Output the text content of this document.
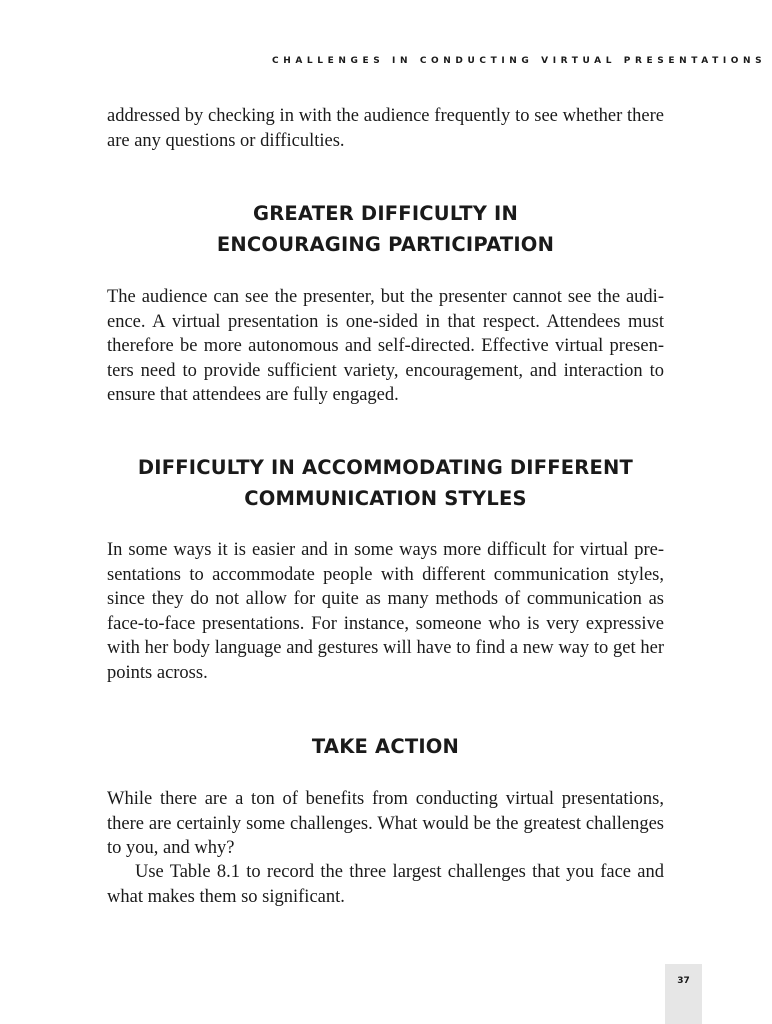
CHALLENGES IN CONDUCTING VIRTUAL PRESENTATIONS

addressed by checking in with the audience frequently to see whether there are any questions or difficulties.

GREATER DIFFICULTY IN
ENCOURAGING PARTICIPATION

The audience can see the presenter, but the presenter cannot see the audience. A virtual presentation is one-sided in that respect. Attendees must therefore be more autonomous and self-directed. Effective virtual presenters need to provide sufficient variety, encouragement, and interaction to ensure that attendees are fully engaged.

DIFFICULTY IN ACCOMMODATING DIFFERENT
COMMUNICATION STYLES

In some ways it is easier and in some ways more difficult for virtual presentations to accommodate people with different communication styles, since they do not allow for quite as many methods of communication as face-to-face presentations. For instance, someone who is very expressive with her body language and gestures will have to find a new way to get her points across.

TAKE ACTION

While there are a ton of benefits from conducting virtual presentations, there are certainly some challenges. What would be the greatest challenges to you, and why?

Use Table 8.1 to record the three largest challenges that you face and what makes them so significant.

37
